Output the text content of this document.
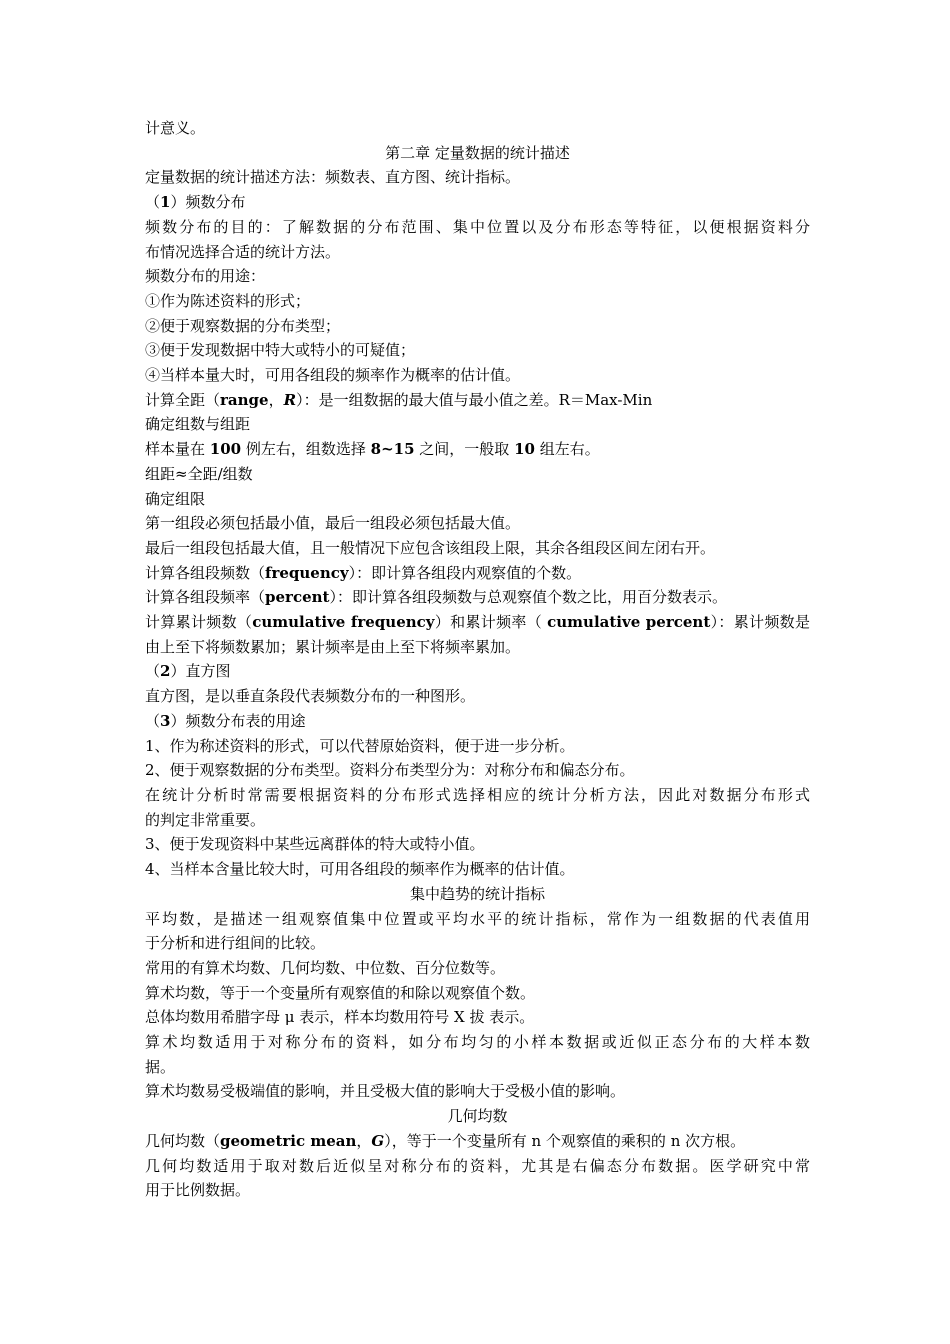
计意义。
第二章 定量数据的统计描述
定量数据的统计描述方法：频数表、直方图、统计指标。
（1）频数分布
频数分布的目的：了解数据的分布范围、集中位置以及分布形态等特征，以便根据资料分
布情况选择合适的统计方法。
频数分布的用途：
①作为陈述资料的形式；
②便于观察数据的分布类型；
③便于发现数据中特大或特小的可疑值；
④当样本量大时，可用各组段的频率作为概率的估计值。
计算全距（range，R）：是一组数据的最大值与最小值之差。R＝Max-Min
确定组数与组距
样本量在 100 例左右，组数选择 8~15 之间，一般取 10 组左右。
组距≈全距/组数
确定组限
第一组段必须包括最小值，最后一组段必须包括最大值。
最后一组段包括最大值，且一般情况下应包含该组段上限，其余各组段区间左闭右开。
计算各组段频数（frequency）：即计算各组段内观察值的个数。
计算各组段频率（percent）：即计算各组段频数与总观察值个数之比，用百分数表示。
计算累计频数（cumulative frequency）和累计频率（ cumulative percent）：累计频数是
由上至下将频数累加；累计频率是由上至下将频率累加。
（2）直方图
直方图，是以垂直条段代表频数分布的一种图形。
（3）频数分布表的用途
1、作为称述资料的形式，可以代替原始资料，便于进一步分析。
2、便于观察数据的分布类型。资料分布类型分为：对称分布和偏态分布。
在统计分析时常需要根据资料的分布形式选择相应的统计分析方法，因此对数据分布形式
的判定非常重要。
3、便于发现资料中某些远离群体的特大或特小值。
4、当样本含量比较大时，可用各组段的频率作为概率的估计值。
集中趋势的统计指标
平均数，是描述一组观察值集中位置或平均水平的统计指标，常作为一组数据的代表值用
于分析和进行组间的比较。
常用的有算术均数、几何均数、中位数、百分位数等。
算术均数，等于一个变量所有观察值的和除以观察值个数。
总体均数用希腊字母 μ 表示，样本均数用符号 X 拔 表示。
算术均数适用于对称分布的资料，如分布均匀的小样本数据或近似正态分布的大样本数
据。
算术均数易受极端值的影响，并且受极大值的影响大于受极小值的影响。
几何均数
几何均数（geometric mean，G），等于一个变量所有 n 个观察值的乘积的 n 次方根。
几何均数适用于取对数后近似呈对称分布的资料，尤其是右偏态分布数据。医学研究中常
用于比例数据。
